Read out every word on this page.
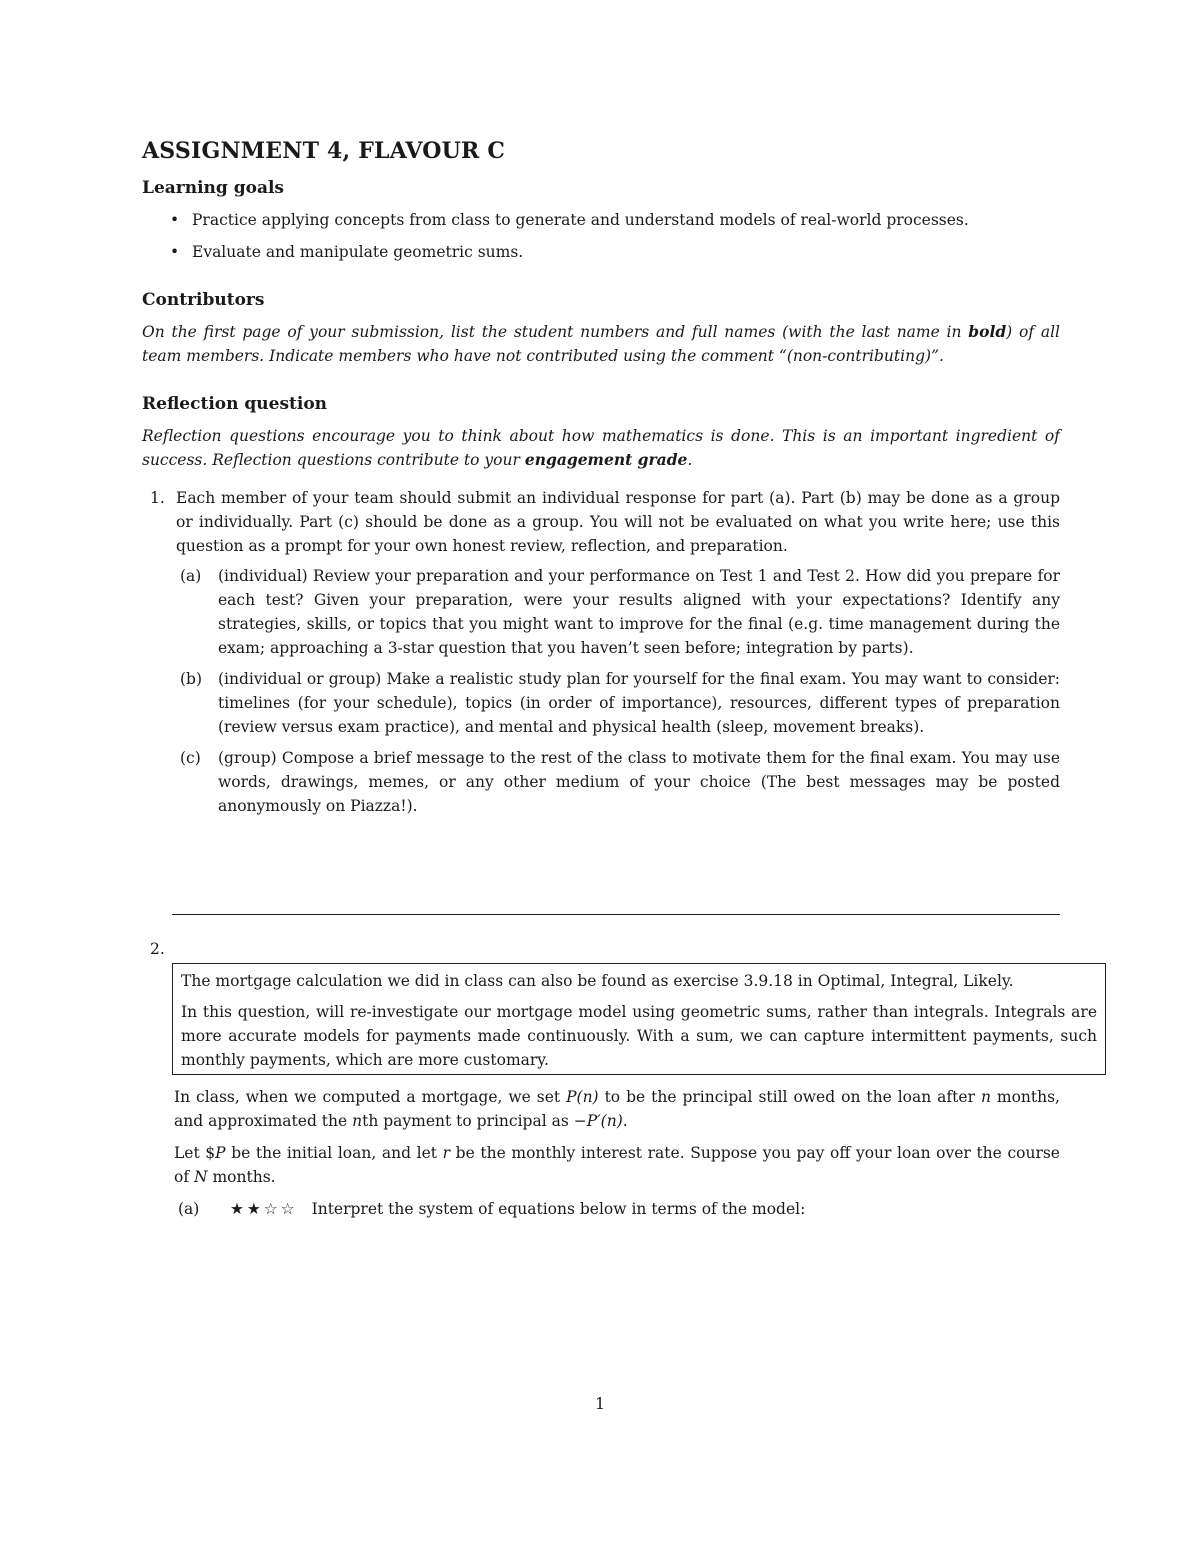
ASSIGNMENT 4, FLAVOUR C
Learning goals
• Practice applying concepts from class to generate and understand models of real-world processes.
• Evaluate and manipulate geometric sums.
Contributors

On the first page of your submission, list the student numbers and full names (with the last name in bold) of all team members. Indicate members who have not contributed using the comment “(non-contributing)”.

Reflection question

Reflection questions encourage you to think about how mathematics is done. This is an important ingredient of success. Reflection questions contribute to your engagement grade.

1. Each member of your team should submit an individual response for part (a). Part (b) may be done as a group or individually. Part (c) should be done as a group. You will not be evaluated on what you write here; use this question as a prompt for your own honest review, reflection, and preparation.
(a) (individual) Review your preparation and your performance on Test 1 and Test 2. How did you prepare for each test? Given your preparation, were your results aligned with your expectations? Identify any strategies, skills, or topics that you might want to improve for the final (e.g. time management during the exam; approaching a 3-star question that you haven’t seen before; integration by parts).
(b) (individual or group) Make a realistic study plan for yourself for the final exam. You may want to consider: timelines (for your schedule), topics (in order of importance), resources, different types of preparation (review versus exam practice), and mental and physical health (sleep, movement breaks).
(c) (group) Compose a brief message to the rest of the class to motivate them for the final exam. You may use words, drawings, memes, or any other medium of your choice (The best messages may be posted anonymously on Piazza!).
2.

The mortgage calculation we did in class can also be found as exercise 3.9.18 in Optimal, Integral, Likely.

In this question, will re-investigate our mortgage model using geometric sums, rather than integrals. Integrals are more accurate models for payments made continuously. With a sum, we can capture intermittent payments, such monthly payments, which are more customary.

In class, when we computed a mortgage, we set P(n) to be the principal still owed on the loan after n months, and approximated the nth payment to principal as −P′(n).

Let $P be the initial loan, and let r be the monthly interest rate. Suppose you pay off your loan over the course of N months.

(a) ★★☆☆ Interpret the system of equations below in terms of the model:

1
